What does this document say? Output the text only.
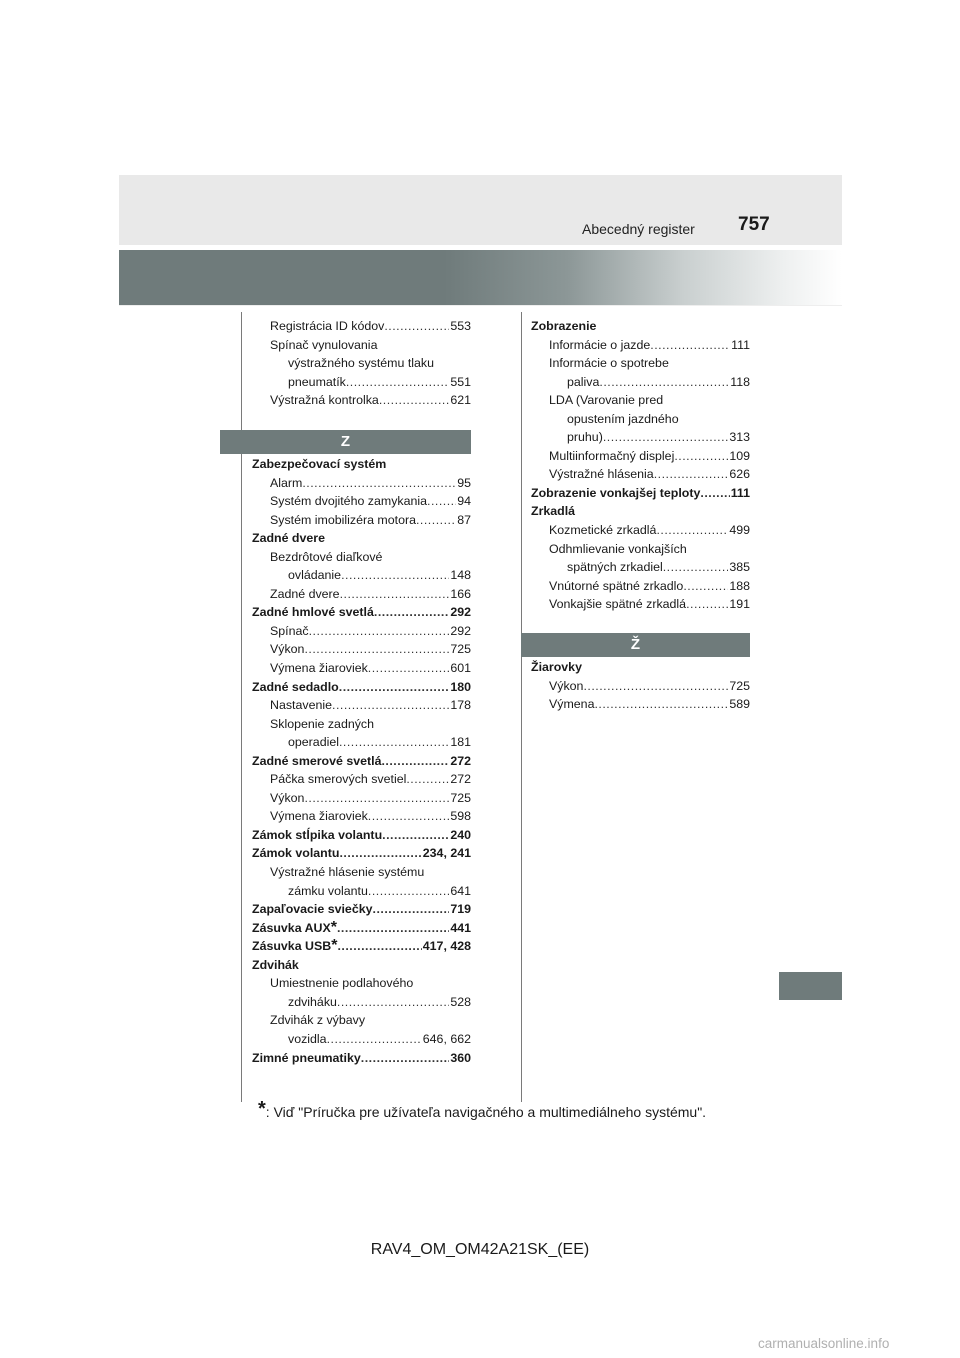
Abecedný register 757
Registrácia ID kódov .....	553
Spínač vynulovania
výstražného systému tlaku
pneumatík .....	551
Výstražná kontrolka .....	621
Z
Zabezpečovací systém
Alarm .....	95
Systém dvojitého zamykania ..... 94
Systém imobilizéra motora .....	87
Zadné dvere
Bezdrôtové diaľkové
ovládanie .....	148
Zadné dvere .....	166
Zadné hmlové svetlá .....	292
Spínač .....	292
Výkon .....	725
Výmena žiaroviek .....	601
Zadné sedadlo .....	180
Nastavenie .....	178
Sklopenie zadných
operadiel .....	181
Zadné smerové svetlá .....	272
Páčka smerových svetiel .....	272
Výkon .....	725
Výmena žiaroviek .....	598
Zámok stĺpika volantu .....	240
Zámok volantu .....	234, 241
Výstražné hlásenie systému
zámku volantu .....	641
Zapaľovacie sviečky .....	719
Zásuvka AUX * .....	441
Zásuvka USB * .....	417, 428
Zdvihák
Umiestnenie podlahového
zdviháku .....	528
Zdvihák z výbavy
vozidla .....	646, 662
Zimné pneumatiky .....	360
Zobrazenie
Informácie o jazde .....	111
Informácie o spotrebe
paliva .....	118
LDA (Varovanie pred
opustením jazdného
pruhu) .....	313
Multiinformačný displej .....	109
Výstražné hlásenia .....	626
Zobrazenie vonkajšej teploty ..... 111
Zrkadlá
Kozmetické zrkadlá .....	499
Odhmlievanie vonkajších
spätných zrkadiel .....	385
Vnútorné spätné zrkadlo .....	188
Vonkajšie spätné zrkadlá .....	191
Ž
Žiarovky
Výkon .....	725
Výmena .....	589
*: Viď "Príručka pre užívateľa navigačného a multimediálneho systému".
RAV4_OM_OM42A21SK_(EE)
carmanualsonline.info
